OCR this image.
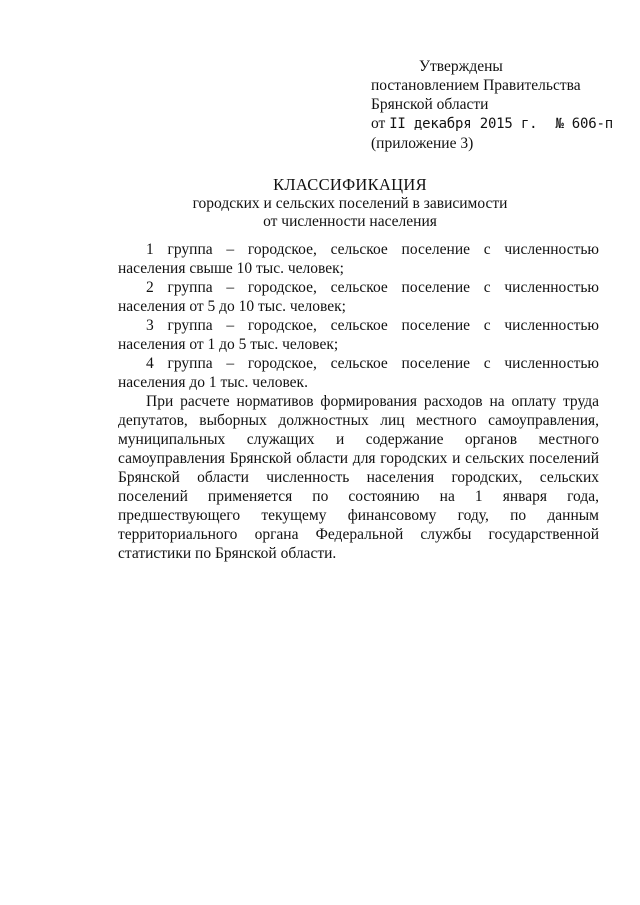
Утверждены
постановлением Правительства
Брянской области
от II декабря 2015 г. № 606-п
(приложение 3)
КЛАССИФИКАЦИЯ
городских и сельских поселений в зависимости
от численности населения

1 группа – городское, сельское поселение с численностью населения свыше 10 тыс. человек;

2 группа – городское, сельское поселение с численностью населения от 5 до 10 тыс. человек;

3 группа – городское, сельское поселение с численностью населения от 1 до 5 тыс. человек;

4 группа – городское, сельское поселение с численностью населения до 1 тыс. человек.

При расчете нормативов формирования расходов на оплату труда депутатов, выборных должностных лиц местного самоуправления, муниципальных служащих и содержание органов местного самоуправления Брянской области для городских и сельских поселений Брянской области численность населения городских, сельских поселений применяется по состоянию на 1 января года, предшествующего текущему финансовому году, по данным территориального органа Федеральной службы государственной статистики по Брянской области.
